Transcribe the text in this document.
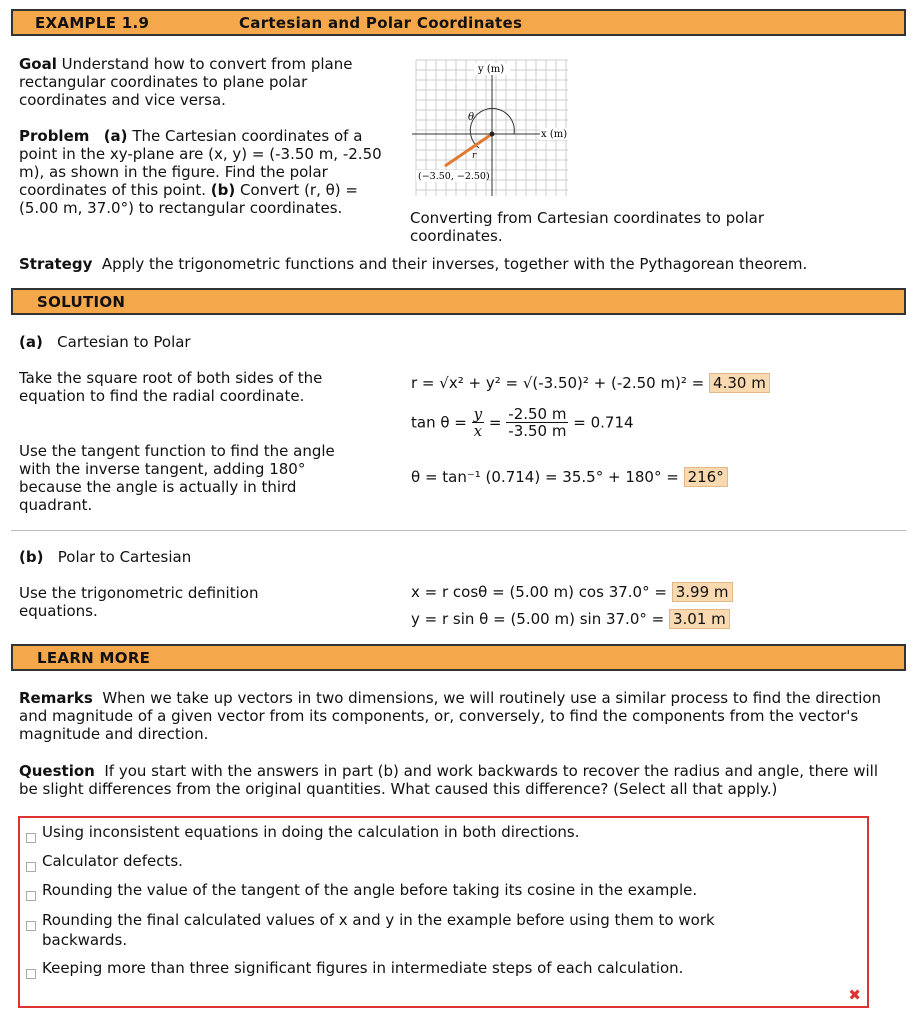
EXAMPLE 1.9	Cartesian and Polar Coordinates
Goal Understand how to convert from plane rectangular coordinates to plane polar coordinates and vice versa.
Problem (a) The Cartesian coordinates of a point in the xy-plane are (x, y) = (-3.50 m, -2.50 m), as shown in the figure. Find the polar coordinates of this point. (b) Convert (r, θ) = (5.00 m, 37.0°) to rectangular coordinates.
y (m)
x (m)
θ
r
(−3.50, −2.50)
Converting from Cartesian coordinates to polar coordinates.
Strategy Apply the trigonometric functions and their inverses, together with the Pythagorean theorem.
SOLUTION
(a) Cartesian to Polar
Take the square root of both sides of the equation to find the radial coordinate.
Use the tangent function to find the angle with the inverse tangent, adding 180° because the angle is actually in third quadrant.
r = √x² + y² = √(-3.50)² + (-2.50 m)² = 4.30 m
$\tan \theta = \frac{y}{x} = \frac{-2.50 m}{-3.50 m} = 0.714$
θ = tan⁻¹ (0.714) = 35.5° + 180° = 216°
(b) Polar to Cartesian
Use the trigonometric definition equations.
x = r cosθ = (5.00 m) cos 37.0° = 3.99 m
y = r sin θ = (5.00 m) sin 37.0° = 3.01 m
LEARN MORE
Remarks When we take up vectors in two dimensions, we will routinely use a similar process to find the direction and magnitude of a given vector from its components, or, conversely, to find the components from the vector's magnitude and direction.
Question If you start with the answers in part (b) and work backwards to recover the radius and angle, there will be slight differences from the original quantities. What caused this difference? (Select all that apply.)
Using inconsistent equations in doing the calculation in both directions.
Calculator defects.
Rounding the value of the tangent of the angle before taking its cosine in the example.
Rounding the final calculated values of x and y in the example before using them to work backwards.
Keeping more than three significant figures in intermediate steps of each calculation.
✖
